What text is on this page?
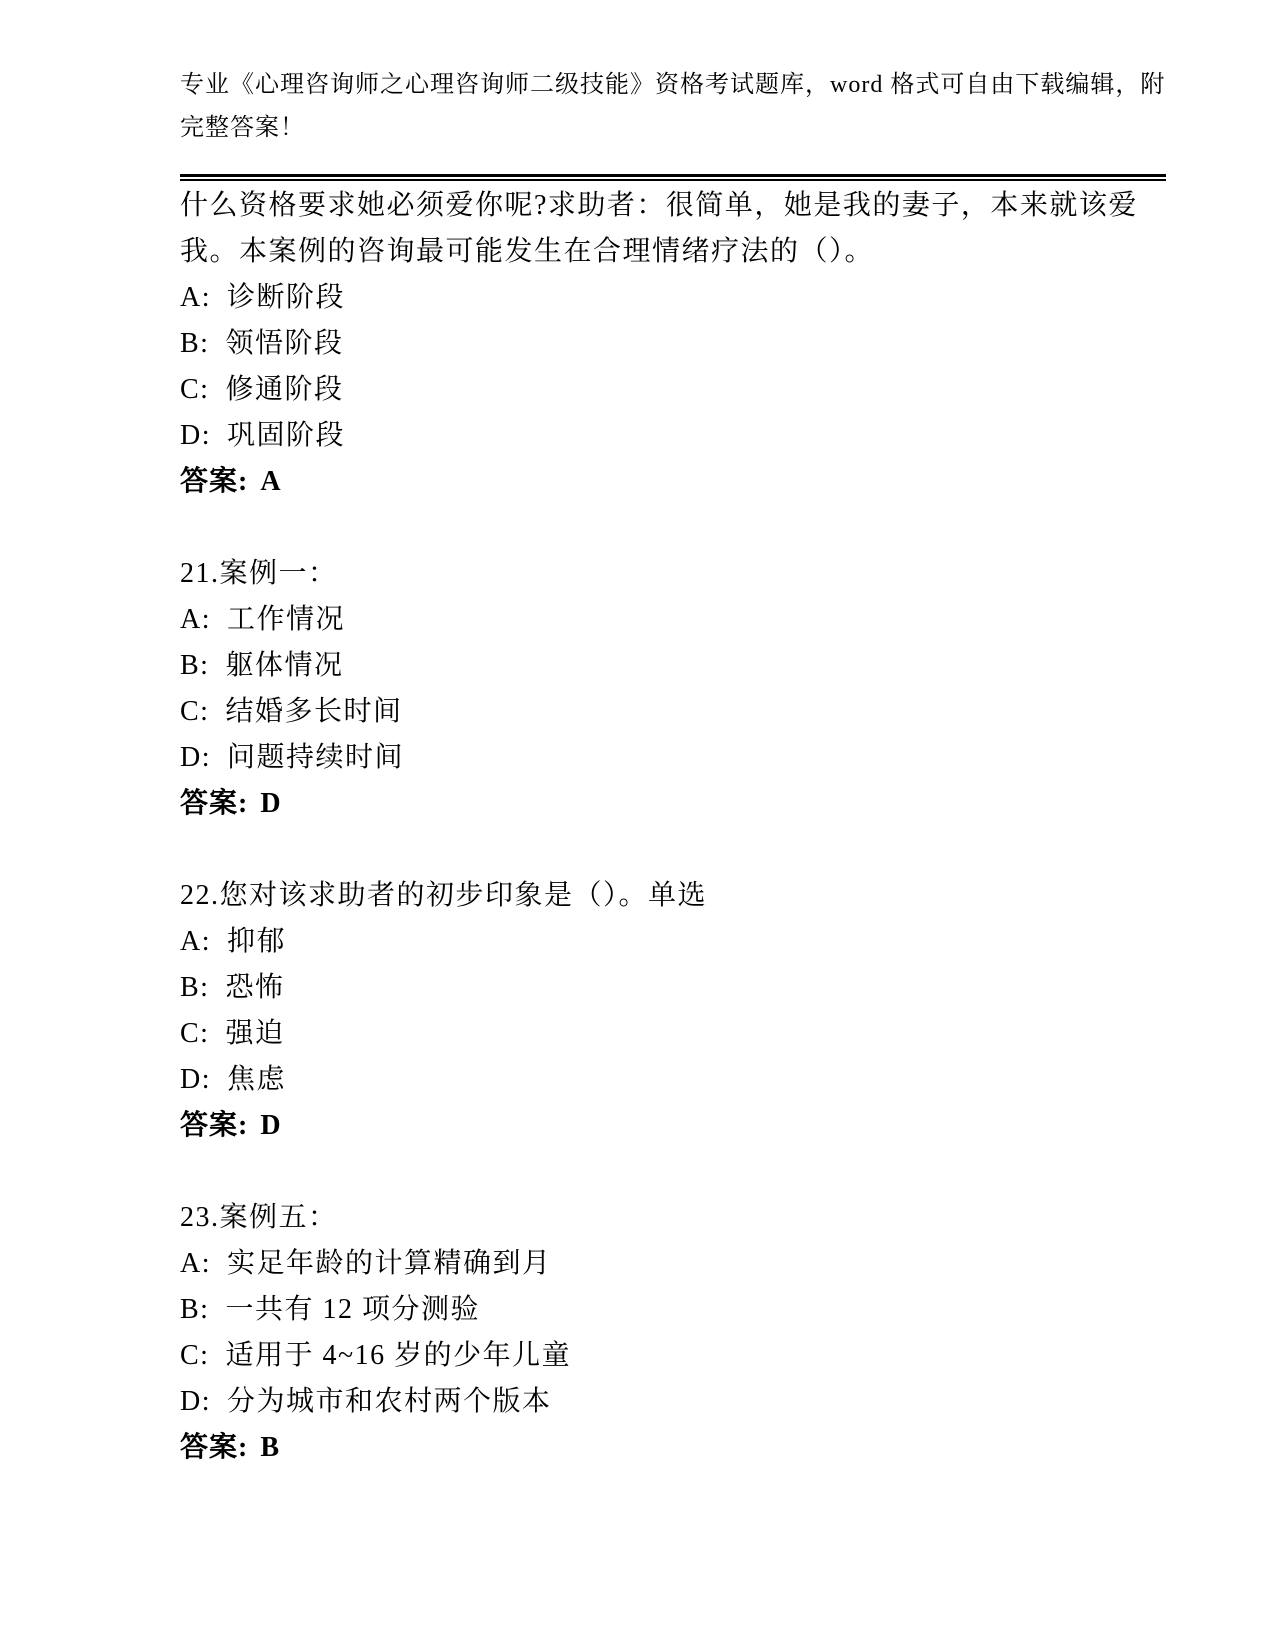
专业《心理咨询师之心理咨询师二级技能》资格考试题库，word 格式可自由下载编辑，附完整答案！

什么资格要求她必须爱你呢?求助者：很简单，她是我的妻子，本来就该爱我。本案例的咨询最可能发生在合理情绪疗法的（）。

A: 诊断阶段

B: 领悟阶段

C: 修通阶段

D: 巩固阶段

答案: A

21.案例一：

A: 工作情况

B: 躯体情况

C: 结婚多长时间

D: 问题持续时间

答案: D

22.您对该求助者的初步印象是（）。单选

A: 抑郁

B: 恐怖

C: 强迫

D: 焦虑

答案: D

23.案例五：

A: 实足年龄的计算精确到月

B: 一共有 12 项分测验

C: 适用于 4~16 岁的少年儿童

D: 分为城市和农村两个版本

答案: B
